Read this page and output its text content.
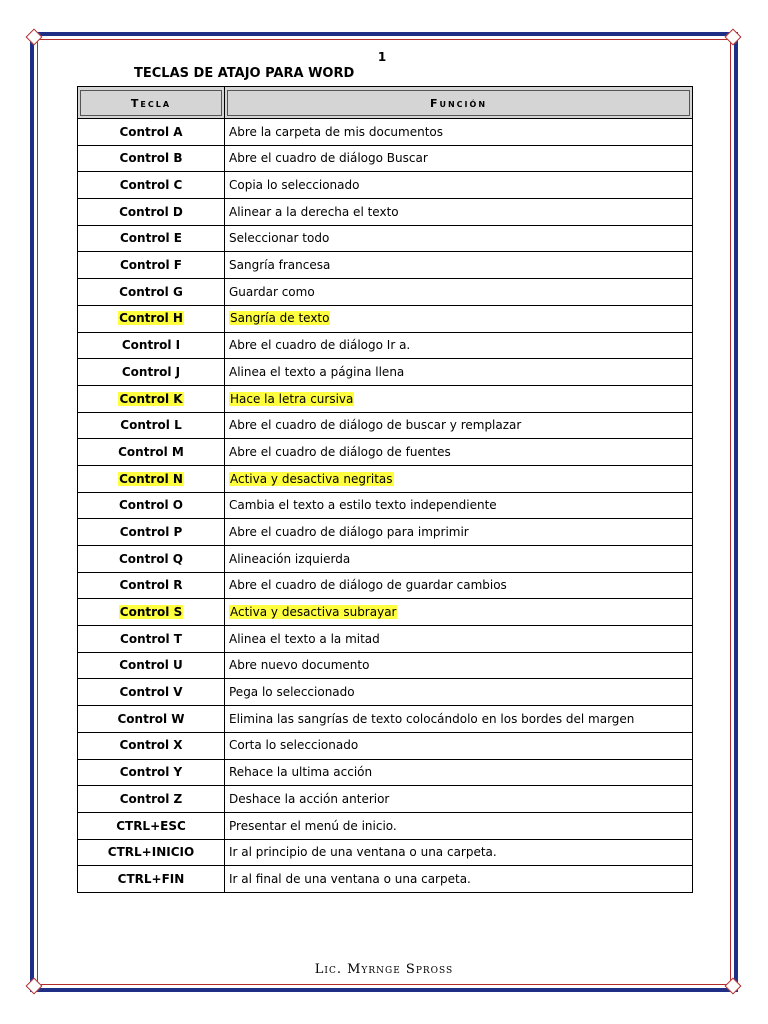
1
TECLAS DE ATAJO PARA WORD
Tecla	Función

Control A	Abre la carpeta de mis documentos
Control B	Abre el cuadro de diálogo Buscar
Control C	Copia lo seleccionado
Control D	Alinear a la derecha el texto
Control E	Seleccionar todo
Control F	Sangría francesa
Control G	Guardar como
Control H	Sangría de texto
Control I	Abre el cuadro de diálogo Ir a.
Control J	Alinea el texto a página llena
Control K	Hace la letra cursiva
Control L	Abre el cuadro de diálogo de buscar y remplazar
Control M	Abre el cuadro de diálogo de fuentes
Control N	Activa y desactiva negritas
Control O	Cambia el texto a estilo texto independiente
Control P	Abre el cuadro de diálogo para imprimir
Control Q	Alineación izquierda
Control R	Abre el cuadro de diálogo de guardar cambios
Control S	Activa y desactiva subrayar
Control T	Alinea el texto a la mitad
Control U	Abre nuevo documento
Control V	Pega lo seleccionado
Control W	Elimina las sangrías de texto colocándolo en los bordes del margen
Control X	Corta lo seleccionado
Control Y	Rehace la ultima acción
Control Z	Deshace la acción anterior
CTRL+ESC	Presentar el menú de inicio.
CTRL+INICIO	Ir al principio de una ventana o una carpeta.
CTRL+FIN	Ir al final de una ventana o una carpeta.
Lic. Myrnge Spross
